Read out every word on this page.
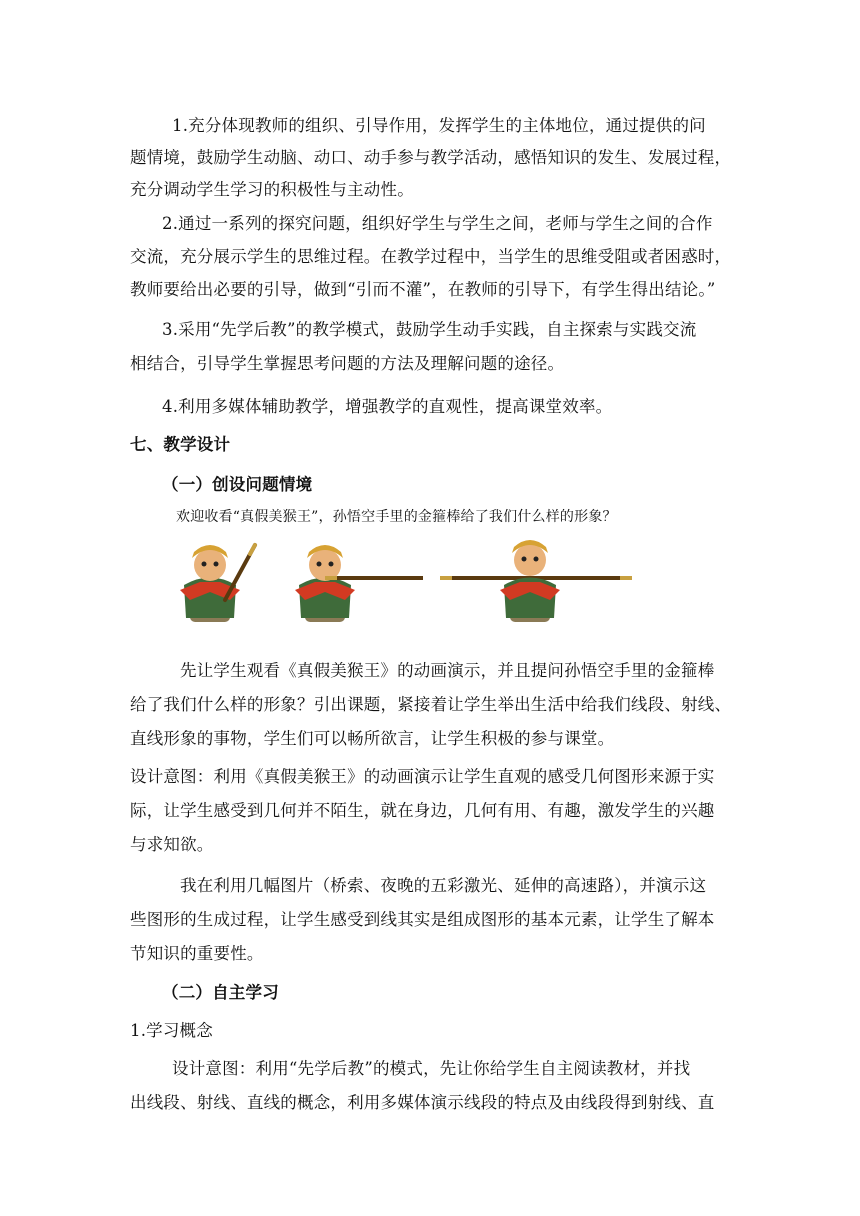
1.充分体现教师的组织、引导作用，发挥学生的主体地位，通过提供的问
题情境，鼓励学生动脑、动口、动手参与教学活动，感悟知识的发生、发展过程，
充分调动学生学习的积极性与主动性。
2.通过一系列的探究问题，组织好学生与学生之间，老师与学生之间的合作
交流，充分展示学生的思维过程。在教学过程中，当学生的思维受阻或者困惑时，
教师要给出必要的引导，做到“引而不灌”，在教师的引导下，有学生得出结论。”
3.采用“先学后教”的教学模式，鼓励学生动手实践，自主探索与实践交流
相结合，引导学生掌握思考问题的方法及理解问题的途径。
4.利用多媒体辅助教学，增强教学的直观性，提高课堂效率。
七、教学设计
（一）创设问题情境
欢迎收看“真假美猴王”，孙悟空手里的金箍棒给了我们什么样的形象？
先让学生观看《真假美猴王》的动画演示，并且提问孙悟空手里的金箍棒
给了我们什么样的形象？引出课题，紧接着让学生举出生活中给我们线段、射线、
直线形象的事物，学生们可以畅所欲言，让学生积极的参与课堂。
设计意图：利用《真假美猴王》的动画演示让学生直观的感受几何图形来源于实
际，让学生感受到几何并不陌生，就在身边，几何有用、有趣，激发学生的兴趣
与求知欲。
我在利用几幅图片（桥索、夜晚的五彩激光、延伸的高速路），并演示这
些图形的生成过程，让学生感受到线其实是组成图形的基本元素，让学生了解本
节知识的重要性。
（二）自主学习
1.学习概念
设计意图：利用“先学后教”的模式，先让你给学生自主阅读教材，并找
出线段、射线、直线的概念，利用多媒体演示线段的特点及由线段得到射线、直
